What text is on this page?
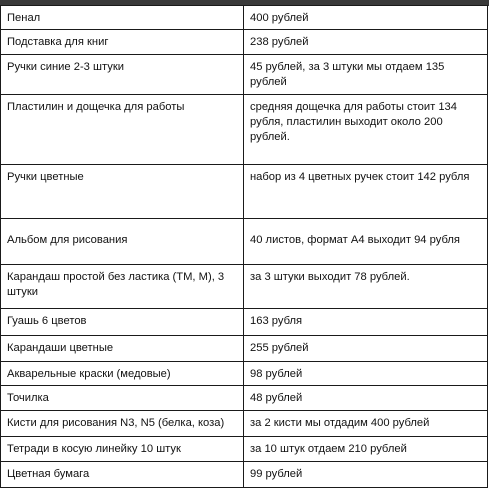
Пенал	400 рублей
Подставка для книг	238 рублей
Ручки синие 2-3 штуки	45 рублей, за 3 штуки мы отдаем 135 рублей
Пластилин и дощечка для работы	средняя дощечка для работы стоит 134 рубля, пластилин выходит около 200 рублей.
Ручки цветные	набор из 4 цветных ручек стоит 142 рубля
Альбом для рисования	40 листов, формат А4 выходит 94 рубля
Карандаш простой без ластика (ТМ, М), 3 штуки	за 3 штуки выходит 78 рублей.
Гуашь 6 цветов	163 рубля
Карандаши цветные	255 рублей
Акварельные краски (медовые)	98 рублей
Точилка	48 рублей
Кисти для рисования N3, N5 (белка, коза)	за 2 кисти мы отдадим 400 рублей
Тетради в косую линейку 10 штук	за 10 штук отдаем 210 рублей
Цветная бумага	99 рублей
